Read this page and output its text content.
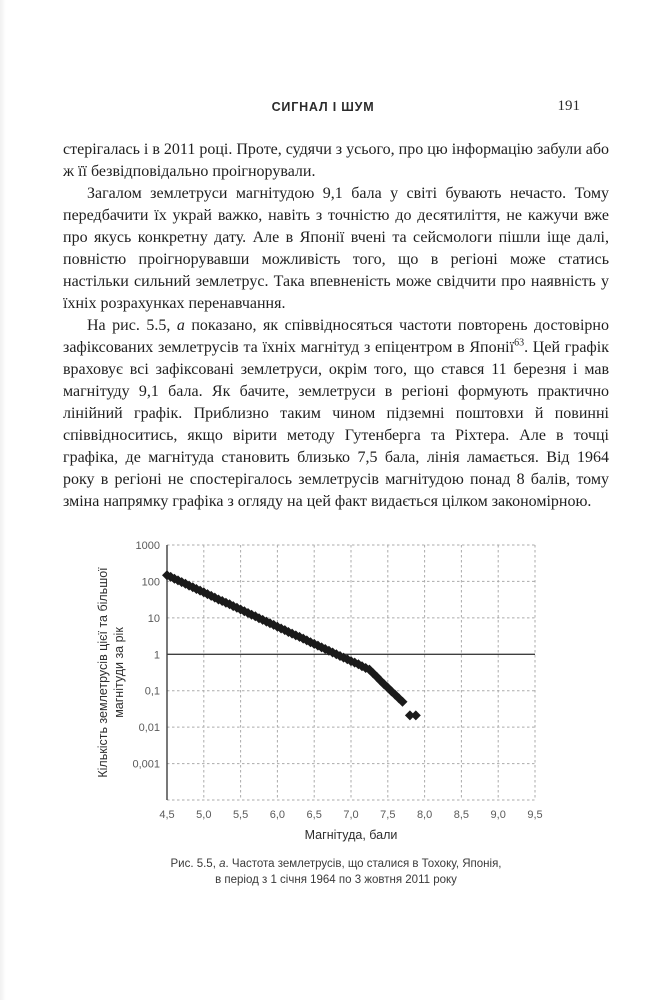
СИГНАЛ І ШУМ	191

стерігалась і в 2011 році. Проте, судячи з усього, про цю інформацію забули або ж її безвідповідально проігнорували.

Загалом землетруси магнітудою 9,1 бала у світі бувають нечасто. Тому передбачити їх украй важко, навіть з точністю до десятиліття, не кажучи вже про якусь конкретну дату. Але в Японії вчені та сейсмологи пішли іще далі, повністю проігнорувавши можливість того, що в регіоні може статись настільки сильний землетрус. Така впевненість може свідчити про наявність у їхніх розрахунках перенавчання.

На рис. 5.5, а показано, як співвідносяться частоти повторень достовірно зафіксованих землетрусів та їхніх магнітуд з епіцентром в Японії$^{63}$. Цей графік враховує всі зафіксовані землетруси, окрім того, що стався 11 березня і мав магнітуду 9,1 бала. Як бачите, землетруси в регіоні формують практично лінійний графік. Приблизно таким чином підземні поштовхи й повинні співвідноситись, якщо вірити методу Гутенберга та Ріхтера. Але в точці графіка, де магнітуда становить близько 7,5 бала, лінія ламається. Від 1964 року в регіоні не спостерігалось землетрусів магнітудою понад 8 балів, тому зміна напрямку графіка з огляду на цей факт видається цілком закономірною.

1000
100
10
1
0,1
0,01
0,001
4,5 5,0 5,5 6,0 6,5 7,0 7,5 8,0 8,5 9,0 9,5
Магнітуда, бали
Кількість землетрусів цієї та більшої магнітуди за рік
Рис. 5.5, а. Частота землетрусів, що сталися в Тохоку, Японія,
в період з 1 січня 1964 по 3 жовтня 2011 року
